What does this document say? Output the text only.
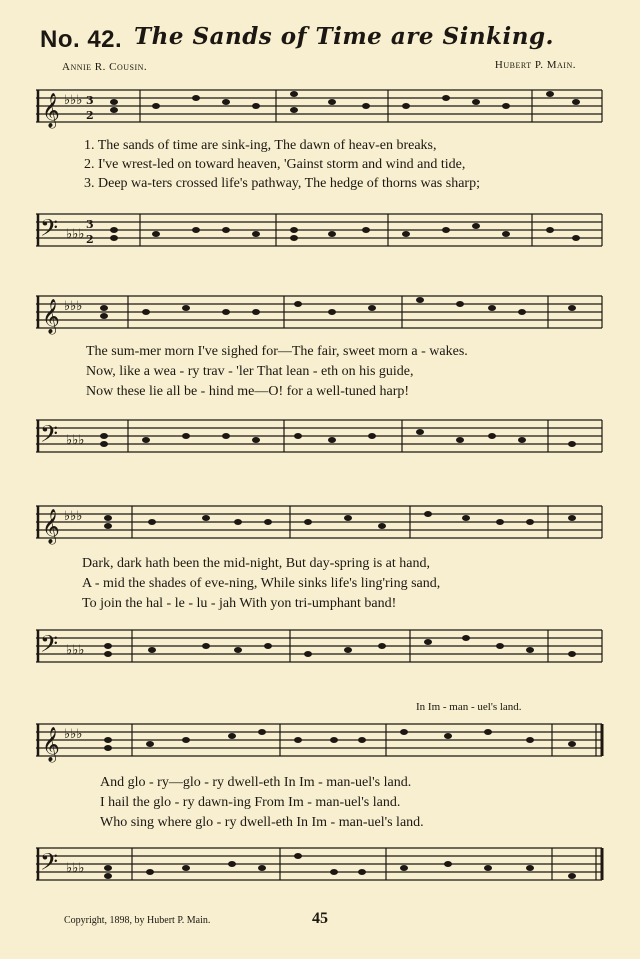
No. 42. The Sands of Time are Sinking.
Annie R. Cousin.	Hubert P. Main.
𝄞 ♭♭♭ 3
2
𝄢 ♭♭♭
3
2
1. The sands of time are sink-ing, The dawn of heav-en breaks,
2. I've wrest-led on toward heaven, 'Gainst storm and wind and tide,
3. Deep wa-ters crossed life's pathway, The hedge of thorns was sharp;
𝄞 ♭♭♭
𝄢 ♭♭♭
The sum-mer morn I've sighed for—The fair, sweet morn a - wakes.
Now, like a wea - ry trav - 'ler That lean - eth on his guide,
Now these lie all be - hind me—O! for a well-tuned harp!
𝄞 ♭♭♭
𝄢 ♭♭♭
Dark, dark hath been the mid-night, But day-spring is at hand,
A - mid the shades of eve-ning, While sinks life's ling'ring sand,
To join the hal - le - lu - jah With yon tri-umphant band!
In Im - man - uel's land.
𝄞 ♭♭♭
𝄢 ♭♭♭
And glo - ry—glo - ry dwell-eth In Im - man-uel's land.
I hail the glo - ry dawn-ing From Im - man-uel's land.
Who sing where glo - ry dwell-eth In Im - man-uel's land.
Copyright, 1898, by Hubert P. Main.	45
